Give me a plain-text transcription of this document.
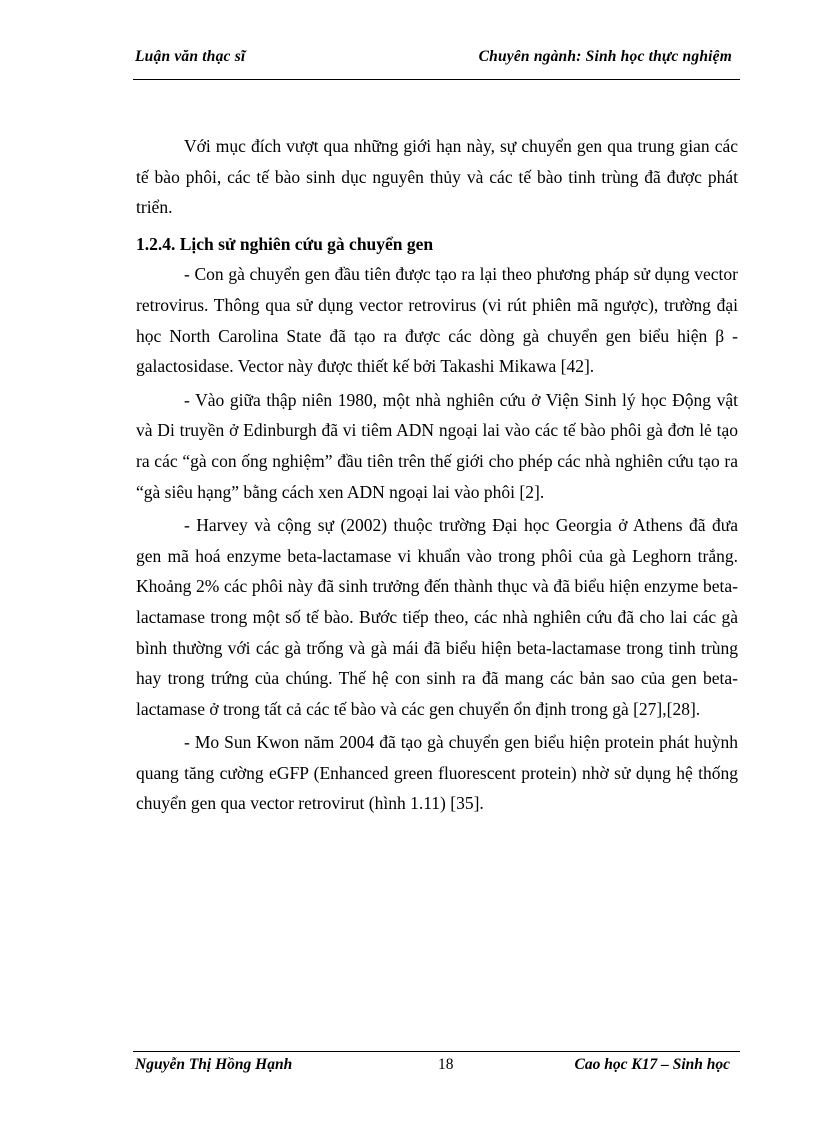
Luận văn thạc sĩ	Chuyên ngành: Sinh học thực nghiệm

Với mục đích vượt qua những giới hạn này, sự chuyển gen qua trung gian các tế bào phôi, các tế bào sinh dục nguyên thủy và các tế bào tinh trùng đã được phát triển.

1.2.4. Lịch sử nghiên cứu gà chuyển gen

- Con gà chuyển gen đầu tiên được tạo ra lại theo phương pháp sử dụng vector retrovirus. Thông qua sử dụng vector retrovirus (vi rút phiên mã ngược), trường đại học North Carolina State đã tạo ra được các dòng gà chuyển gen biểu hiện β - galactosidase. Vector này được thiết kế bởi Takashi Mikawa [42].

- Vào giữa thập niên 1980, một nhà nghiên cứu ở Viện Sinh lý học Động vật và Di truyền ở Edinburgh đã vi tiêm ADN ngoại lai vào các tế bào phôi gà đơn lẻ tạo ra các “gà con ống nghiệm” đầu tiên trên thế giới cho phép các nhà nghiên cứu tạo ra “gà siêu hạng” bằng cách xen ADN ngoại lai vào phôi [2].

- Harvey và cộng sự (2002) thuộc trường Đại học Georgia ở Athens đã đưa gen mã hoá enzyme beta-lactamase vi khuẩn vào trong phôi của gà Leghorn trắng. Khoảng 2% các phôi này đã sinh trưởng đến thành thục và đã biểu hiện enzyme beta-lactamase trong một số tế bào. Bước tiếp theo, các nhà nghiên cứu đã cho lai các gà bình thường với các gà trống và gà mái đã biểu hiện beta-lactamase trong tinh trùng hay trong trứng của chúng. Thế hệ con sinh ra đã mang các bản sao của gen beta-lactamase ở trong tất cả các tế bào và các gen chuyển ổn định trong gà [27],[28].

- Mo Sun Kwon năm 2004 đã tạo gà chuyển gen biểu hiện protein phát huỳnh quang tăng cường eGFP (Enhanced green fluorescent protein) nhờ sử dụng hệ thống chuyển gen qua vector retrovirut (hình 1.11) [35].

Nguyễn Thị Hồng Hạnh	18	Cao học K17 – Sinh học
